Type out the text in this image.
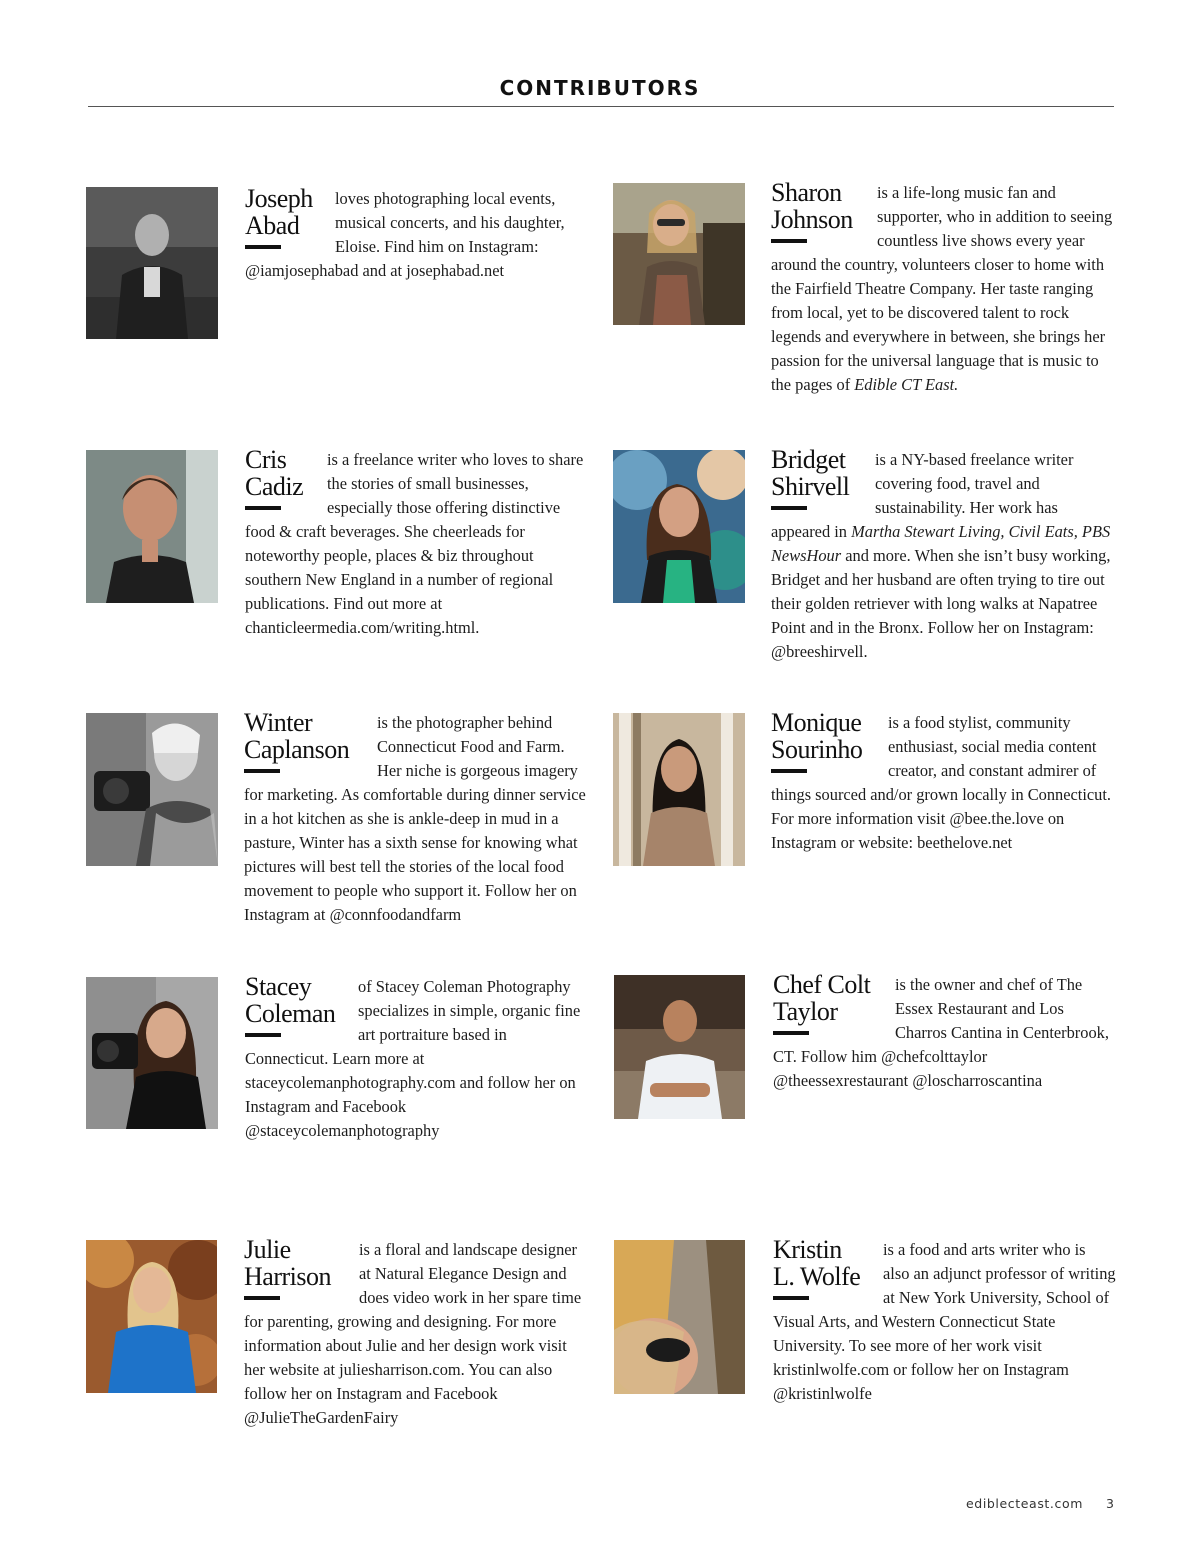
CONTRIBUTORS
Joseph
Abad
loves photographing local events, musical concerts, and his daughter, Eloise. Find him on Instagram: @iamjosephabad and at josephabad.net
Sharon
Johnson
is a life-long music fan and supporter, who in addition to seeing countless live shows every year around the country, volunteers closer to home with the Fairfield Theatre Company. Her taste ranging from local, yet to be discovered talent to rock legends and everywhere in between, she brings her passion for the universal language that is music to the pages of Edible CT East.
Cris
Cadiz
is a freelance writer who loves to share the stories of small businesses, especially those offering distinctive food & craft beverages. She cheerleads for noteworthy people, places & biz throughout southern New England in a number of regional publications. Find out more at chanticleermedia.com/writing.html.
Bridget
Shirvell
is a NY-based freelance writer covering food, travel and sustainability. Her work has appeared in Martha Stewart Living, Civil Eats, PBS NewsHour and more. When she isn’t busy working, Bridget and her husband are often trying to tire out their golden retriever with long walks at Napatree Point and in the Bronx. Follow her on Instagram: @breeshirvell.
Winter
Caplanson
is the photographer behind Connecticut Food and Farm. Her niche is gorgeous imagery for marketing. As comfortable during dinner service in a hot kitchen as she is ankle-deep in mud in a pasture, Winter has a sixth sense for knowing what pictures will best tell the stories of the local food movement to people who support it. Follow her on Instagram at @connfoodandfarm
Monique
Sourinho
is a food stylist, community enthusiast, social media content creator, and constant admirer of things sourced and/or grown locally in Connecticut. For more information visit @bee.the.love on Instagram or website: beethelove.net
Stacey
Coleman
of Stacey Coleman Photography specializes in simple, organic fine art portraiture based in Connecticut. Learn more at staceycolemanphotography.com and follow her on Instagram and Facebook @staceycolemanphotography
Chef Colt
Taylor
is the owner and chef of The Essex Restaurant and Los Charros Cantina in Centerbrook, CT. Follow him @chefcolttaylor @theessexrestaurant @loscharroscantina
Julie
Harrison
is a floral and landscape designer at Natural Elegance Design and does video work in her spare time for parenting, growing and designing. For more information about Julie and her design work visit her website at juliesharrison.com. You can also follow her on Instagram and Facebook @JulieTheGardenFairy
Kristin
L. Wolfe
is a food and arts writer who is also an adjunct professor of writing at New York University, School of Visual Arts, and Western Connecticut State University. To see more of her work visit kristinlwolfe.com or follow her on Instagram @kristinlwolfe
ediblecteast.com 3
